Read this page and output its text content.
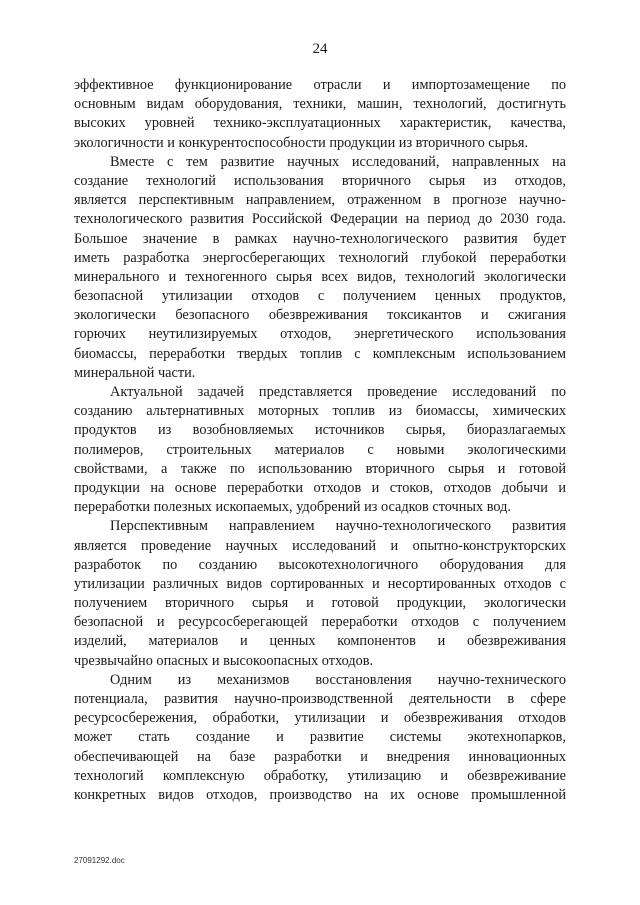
24
эффективное функционирование отрасли и импортозамещение по
основным видам оборудования, техники, машин, технологий, достигнуть
высоких уровней технико-эксплуатационных характеристик, качества,
экологичности и конкурентоспособности продукции из вторичного сырья.
Вместе с тем развитие научных исследований, направленных на
создание технологий использования вторичного сырья из отходов,
является перспективным направлением, отраженном в прогнозе научно-
технологического развития Российской Федерации на период до 2030 года.
Большое значение в рамках научно-технологического развития будет
иметь разработка энергосберегающих технологий глубокой переработки
минерального и техногенного сырья всех видов, технологий экологически
безопасной утилизации отходов с получением ценных продуктов,
экологически безопасного обезвреживания токсикантов и сжигания
горючих неутилизируемых отходов, энергетического использования
биомассы, переработки твердых топлив с комплексным использованием
минеральной части.
Актуальной задачей представляется проведение исследований по
созданию альтернативных моторных топлив из биомассы, химических
продуктов из возобновляемых источников сырья, биоразлагаемых
полимеров, строительных материалов с новыми экологическими
свойствами, а также по использованию вторичного сырья и готовой
продукции на основе переработки отходов и стоков, отходов добычи и
переработки полезных ископаемых, удобрений из осадков сточных вод.
Перспективным направлением научно-технологического развития
является проведение научных исследований и опытно-конструкторских
разработок по созданию высокотехнологичного оборудования для
утилизации различных видов сортированных и несортированных отходов с
получением вторичного сырья и готовой продукции, экологически
безопасной и ресурсосберегающей переработки отходов с получением
изделий, материалов и ценных компонентов и обезвреживания
чрезвычайно опасных и высокоопасных отходов.
Одним из механизмов восстановления научно-технического
потенциала, развития научно-производственной деятельности в сфере
ресурсосбережения, обработки, утилизации и обезвреживания отходов
может стать создание и развитие системы экотехнопарков,
обеспечивающей на базе разработки и внедрения инновационных
технологий комплексную обработку, утилизацию и обезвреживание
конкретных видов отходов, производство на их основе промышленной
27091292.doc
